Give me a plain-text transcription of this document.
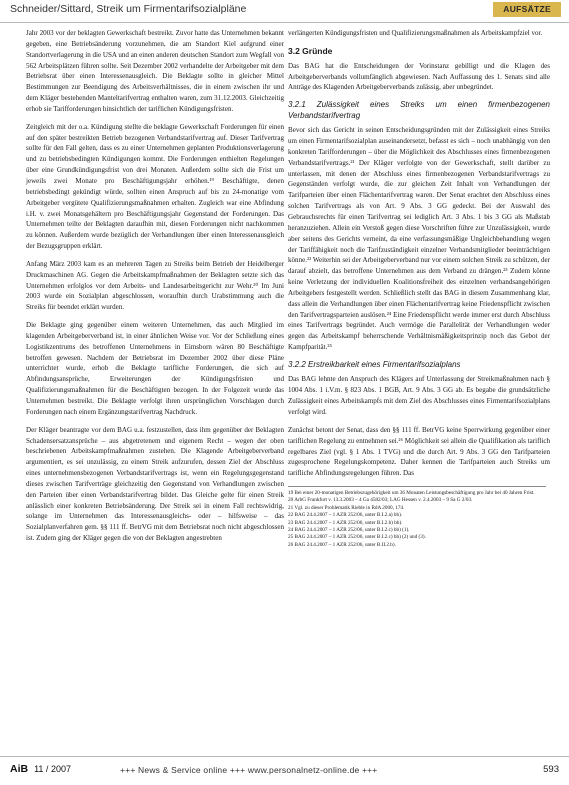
Schneider/Sittard, Streik um Firmentarifsozialpläne	AUFSÄTZE

Jahr 2003 vor der beklagten Gewerkschaft bestreikt. Zuvor hatte das Unternehmen bekannt gegeben, eine Betriebsänderung vorzunehmen, die am Standort Kiel aufgrund einer Standortverlagerung in die USA und an einen anderen deutschen Standort zum Wegfall von 562 Arbeitsplätzen führen sollte. Seit Dezember 2002 verhandelte der Arbeitgeber mit dem Betriebsrat über einen Interessenausgleich. Die Beklagte sollte in gleicher Mittel Bestimmungen zur Beendigung des Arbeitsverhältnisses, die in einem zwischen ihr und dem Kläger bestehenden Manteltarifvertrag enthalten waren, zum 31.12.2003. Gleichzeitig erhob sie Tarifforderungen hinsichtlich der tariflichen Kündigungsfristen.

Zeitgleich mit der o.a. Kündigung stellte die beklagte Gewerkschaft Forderungen für einen auf den später bestreikten Betrieb bezogenen Verbandstarifvertrag auf. Dieser Tarifvertrag sollte für den Fall gelten, dass es zu einer Unternehmen geplanten Produktionsverlagerung und zu betriebsbedingten Kündigungen kommt. Die Forderungen enthielten Regelungen über eine Grundkündigungsfrist von drei Monaten. Außerdem sollte sich die Frist um jeweils zwei Monate pro Beschäftigungsjahr erhöhen.¹⁹ Beschäftigte, denen betriebsbedingt gekündigt würde, sollten einen Anspruch auf bis zu 24-monatige vom Arbeitgeber vergütete Qualifizierungsmaßnahmen erhalten. Zugleich war eine Abfindung i.H. v. zwei Monatsgehältern pro Beschäftigungsjahr Gegenstand der Forderungen. Das Unternehmen teilte der Beklagten daraufhin mit, diesen Forderungen nicht nachkommen zu können. Außerdem wurde bezüglich der Verhandlungen über einen Interessenausgleich der Bezugsgruppen erklärt.

Anfang März 2003 kam es an mehreren Tagen zu Streiks beim Betrieb der Heidelberger Druckmaschinen AG. Gegen die Arbeitskampfmaßnahmen der Beklagten setzte sich das Unternehmen erfolglos vor dem Arbeits- und Landesarbeitsgericht zur Wehr.²⁰ Im Juni 2003 wurde ein Sozialplan abgeschlossen, woraufhin durch Urabstimmung auch die Streiks für beendet erklärt wurden.

Die Beklagte ging gegenüber einem weiteren Unternehmen, das auch Mitglied im klagenden Arbeitgeberverband ist, in einer ähnlichen Weise vor. Vor der Schließung eines Logistikzentrums des betroffenen Unternehmens in Eimsborn wären 80 Beschäftigte betroffen gewesen. Nachdem der Betriebsrat im Dezember 2002 über diese Pläne unterrichtet wurde, erhob die Beklagte tarifliche Forderungen, die sich auf Abfindungsansprüche, Erweiterungen der Kündigungsfristen und Qualifizierungsmaßnahmen für die Beschäftigten bezogen. In der Folgezeit wurde das Unternehmen bestreikt. Die Beklagte verfolgt ihren ursprünglichen Vorschlagen durch Forderungen nach einem Ergänzungstarifvertrag Nachdruck.

Der Kläger beantragte vor dem BAG u.a. festzustellen, dass ihm gegenüber der Beklagten Schadensersatzansprüche – aus abgetretenem und eigenem Recht – wegen der oben beschriebenen Arbeitskampfmaßnahmen zustehen. Die Klagende Arbeitgeberverband argumentiert, es sei unzulässig, zu einem Streik aufzurufen, dessen Ziel der Abschluss eines unternehmensbezogenen Verbandstarifvertrags ist, wenn ein Regelungsgegenstand dieses zwischen Tarifverträge gleichzeitig den Gegenstand von Verhandlungen zwischen den Parteien über einen Verbandstarifvertrag bildet. Das Gleiche gelte für einen Streik anlässlich einer konkreten Betriebsänderung. Der Streik sei in einem Fall rechtswidrig, solange im Unternehmen das Interessenausgleichs- oder – hilfsweise – das Sozialplanverfahren gem. §§ 111 ff. BetrVG mit dem Betriebsrat noch nicht abgeschlossen ist. Zudem ging der Kläger gegen die von der Beklagten angestrebten

verlängerten Kündigungsfristen und Qualifizierungsmaßnahmen als Arbeitskampfziel vor.

3.2 Gründe

Das BAG hat die Entscheidungen der Vorinstanz gebilligt und die Klagen des Arbeitgeberverbands vollumfänglich abgewiesen. Nach Auffassung des 1. Senats sind alle Anträge des Klagenden Arbeitgeberverbands zulässig, aber unbegründet.

3.2.1 Zulässigkeit eines Streiks um einen firmenbezogenen Verbandstarifvertrag

Bevor sich das Gericht in seinen Entscheidungsgründen mit der Zulässigkeit eines Streiks um einen Firmentarifsozialplan auseinandersetzt, befasst es sich – noch unabhängig von den konkreten Tarifforderungen – über die Möglichkeit des Abschlusses eines firmenbezogenen Verbandstarifvertrags.²¹ Der Kläger verfolgte von der Gewerkschaft, stellt darüber zu unterlassen, mit denen der Abschluss eines firmenbezogenen Verbandstarifvertrags zu Gegenständen verfolgt wurde, die zur gleichen Zeit Inhalt von Verhandlungen der Tarifparteien über einen Flächentarifvertrag waren. Der Senat erachtet den Abschluss eines solchen Tarifvertrags als von Art. 9 Abs. 3 GG gedeckt. Bei der Auswahl des Gebrauchsrechts für einen Tarifvertrag sei lediglich Art. 3 Abs. 1 bis 3 GG als Maßstab heranzuziehen. Allein ein Verstoß gegen diese Vorschriften führe zur Unzulässigkeit, wurde aber seitens des Gerichts verneint, da eine verfassungsmäßige Ungleichbehandlung wegen der Tariffähigkeit noch die Tarifzuständigkeit einzelner Verbandsmitglieder beeinträchtigen könne.²² Weiterhin sei der Arbeitgeberverband nur vor einem solchen Streik zu schützen, der darauf abzielt, das betroffene Unternehmen aus dem Verband zu drängen.²³ Zudem könne keine Verletzung der individuellen Koalitionsfreiheit des einzelnen verbandsangehörigen Arbeitgebers festgestellt werden. Schließlich stellt das BAG in diesem Zusammenhang klar, dass allein die Verhandlungen über einen Flächentarifvertrag keine Friedenspflicht zwischen den Tarifvertragsparteien auslösen.²⁴ Eine Friedenspflicht werde immer erst durch Abschluss eines Tarifvertrags begründet. Auch vermöge die Parallelität der Verhandlungen weder gegen das Arbeitskampf beherrschende Verhältnismäßigkeitsprinzip noch das Gebot der Kampfparität.²⁵

3.2.2 Erstreikbarkeit eines Firmentarifsozialplans

Das BAG lehnte den Anspruch des Klägers auf Unterlassung der Streikmaßnahmen nach § 1004 Abs. 1 i.V.m. § 823 Abs. 1 BGB, Art. 9 Abs. 3 GG ab. Es begabe die grundsätzliche Zulässigkeit eines Arbeitskampfs mit dem Ziel des Abschlusses eines Firmentarifsozialplans verfolgt wird.

Zunächst betont der Senat, dass den §§ 111 ff. BetrVG keine Sperrwirkung gegenüber einer tariflichen Regelung zu entnehmen sei.²⁶ Möglichkeit sei allein die Qualifikation als tariflich regelbares Ziel (vgl. § 1 Abs. 1 TVG) und die durch Art. 9 Abs. 3 GG den Tarifparteien zugesprochene Regelungskompetenz. Daher kennen die Tarifparteien auch Streiks um tarifliche Abfindungsregelungen führen. Das

19 Bei einer 20-monatigen Betriebszugehörigkeit um 36 Monaten Leistungsbeschäftigung pro Jahr bei 40 Jahren Frist.
20 ArbG Frankfurt v. 13.3.2003 – 4 Ga 4582/03; LAG Hessen v. 2.4.2003 – 9 Sa G 2/03.
21 Vgl. zu dieser Problematik Rieble in RdA 2000, 174.
22 BAG 24.4.2007 – 1 AZR 252/06, unter B.I.2.a) bb).
23 BAG 24.4.2007 – 1 AZR 252/06, unter B.I.2.b) bb).
24 BAG 24.4.2007 – 1 AZR 252/06, unter B.I.2.c) bb) (1).
25 BAG 24.4.2007 – 1 AZR 252/06, unter B.I.2.c) bb) (2) und (3).
26 BAG 24.4.2007 – 1 AZR 252/06, unter B.II.2.b).
AiB 11 / 2007	+++ News & Service online +++ www.personalnetz-online.de +++	593
